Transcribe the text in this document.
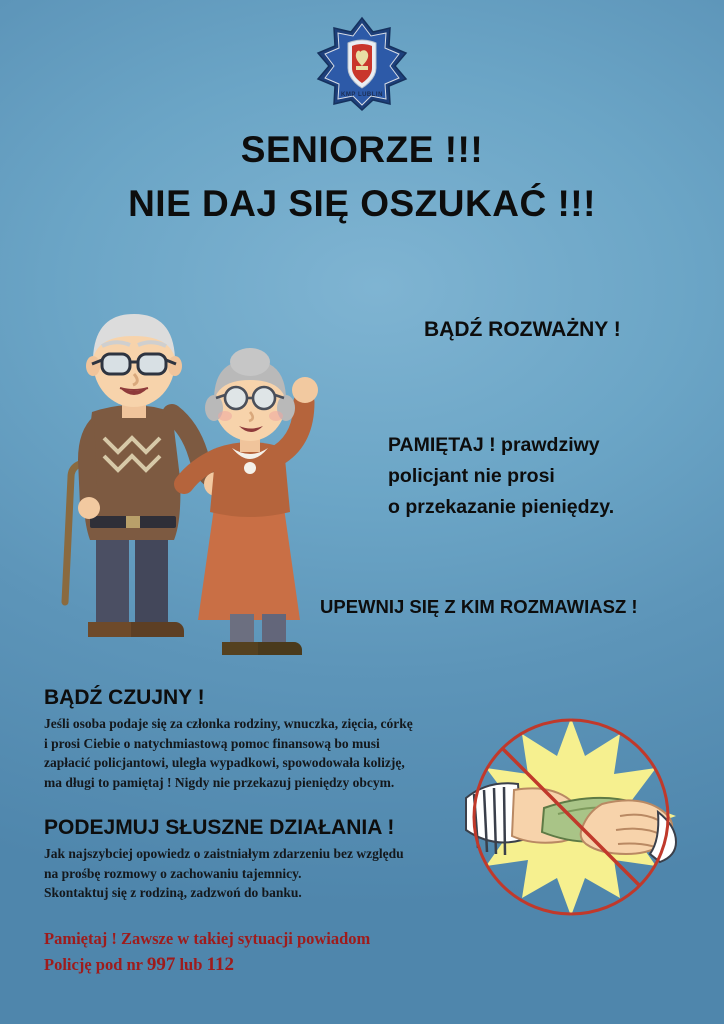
KMP LUBLIN
SENIORZE !!!
NIE DAJ SIĘ OSZUKAĆ !!!
BĄDŹ ROZWAŻNY !
PAMIĘTAJ ! prawdziwy
policjant nie prosi
o przekazanie pieniędzy.
UPEWNIJ SIĘ Z KIM ROZMAWIASZ !
BĄDŹ CZUJNY !
Jeśli osoba podaje się za członka rodziny, wnuczka, zięcia, córkę
i prosi Ciebie o natychmiastową pomoc finansową bo musi
zapłacić policjantowi, uległa wypadkowi, spowodowała kolizję,
ma długi to pamiętaj ! Nigdy nie przekazuj pieniędzy obcym.
PODEJMUJ SŁUSZNE DZIAŁANIA !
Jak najszybciej opowiedz o zaistniałym zdarzeniu bez względu
na prośbę rozmowy o zachowaniu tajemnicy.
Skontaktuj się z rodziną, zadzwoń do banku.
Pamiętaj ! Zawsze w takiej sytuacji powiadom
Policję pod nr 997 lub 112
